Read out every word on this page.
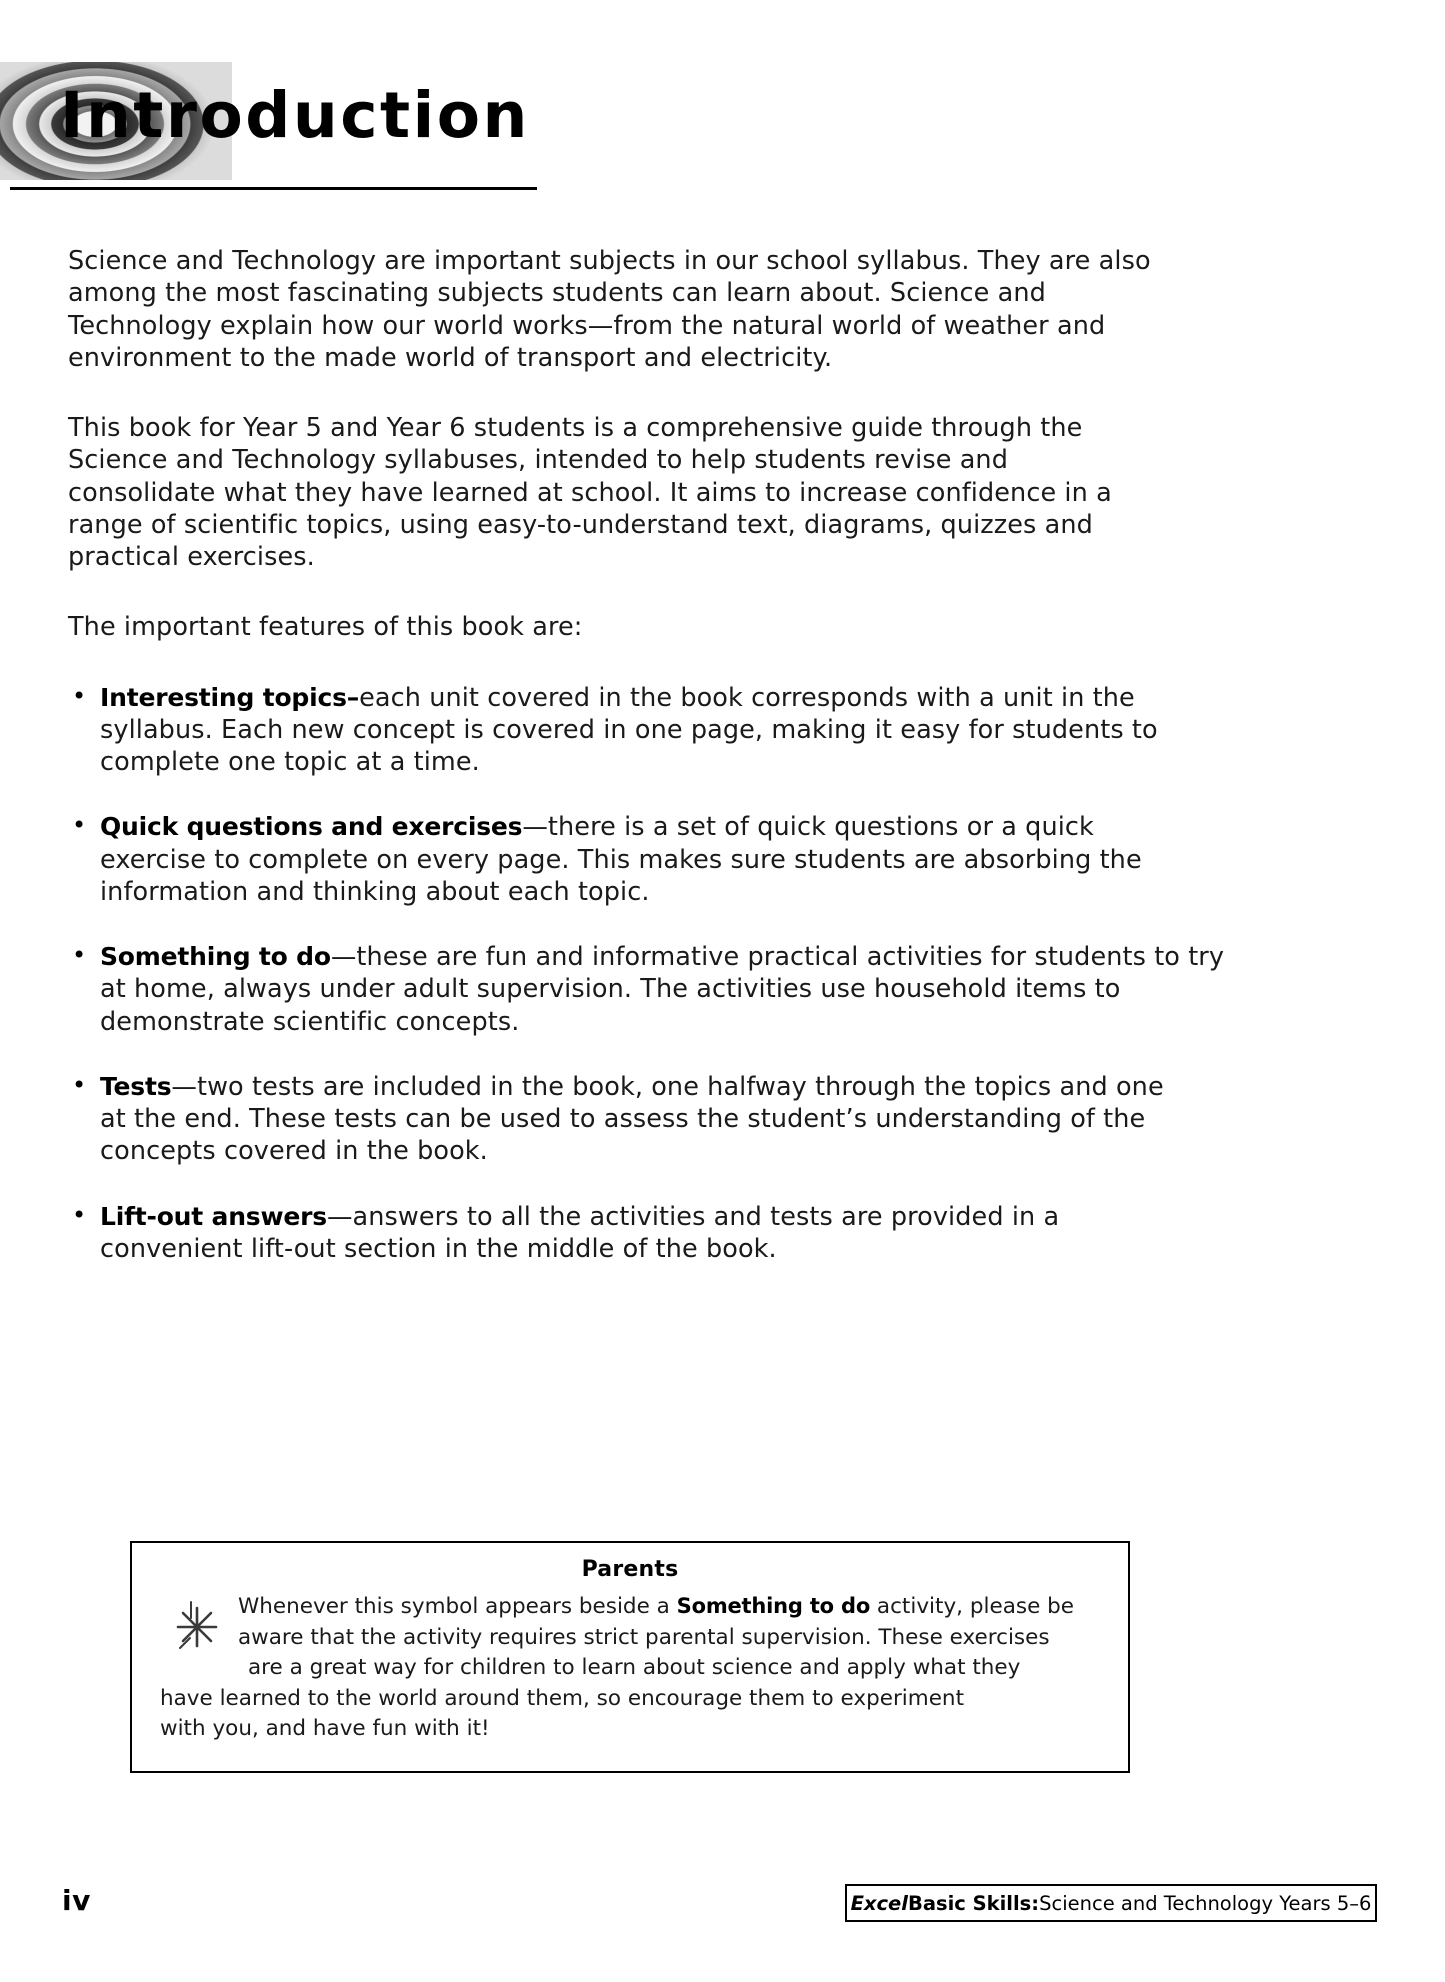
Introduction

Science and Technology are important subjects in our school syllabus. They are also among the most fascinating subjects students can learn about. Science and Technology explain how our world works—from the natural world of weather and environment to the made world of transport and electricity.

This book for Year 5 and Year 6 students is a comprehensive guide through the Science and Technology syllabuses, intended to help students revise and consolidate what they have learned at school. It aims to increase confidence in a range of scientific topics, using easy-to-understand text, diagrams, quizzes and practical exercises.

The important features of this book are:

• Interesting topics–each unit covered in the book corresponds with a unit in the syllabus. Each new concept is covered in one page, making it easy for students to complete one topic at a time.
• Quick questions and exercises—there is a set of quick questions or a quick exercise to complete on every page. This makes sure students are absorbing the information and thinking about each topic.
• Something to do—these are fun and informative practical activities for students to try at home, always under adult supervision. The activities use household items to demonstrate scientific concepts.
• Tests—two tests are included in the book, one halfway through the topics and one at the end. These tests can be used to assess the student’s understanding of the concepts covered in the book.
• Lift-out answers—answers to all the activities and tests are provided in a convenient lift-out section in the middle of the book.
Parents
Whenever this symbol appears beside a Something to do activity, please be
aware that the activity requires strict parental supervision. These exercises
are a great way for children to learn about science and apply what they
have learned to the world around them, so encourage them to experiment
with you, and have fun with it!
iv	Excel Basic Skills: Science and Technology Years 5–6
